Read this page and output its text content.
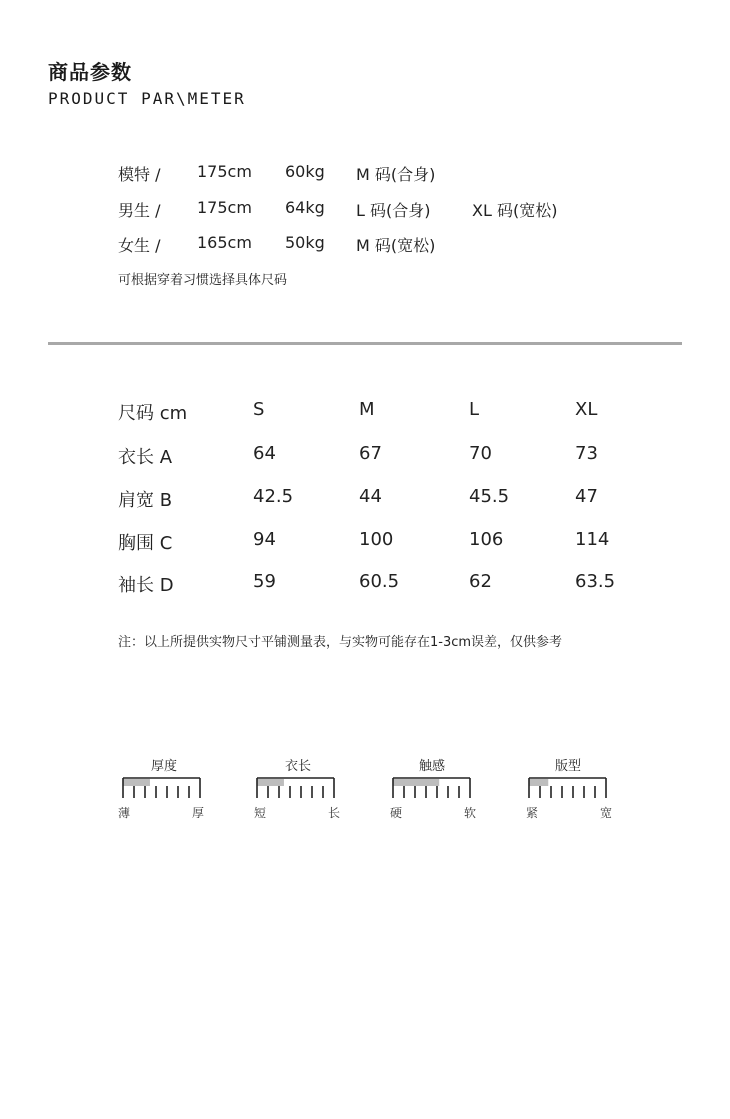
商品参数
PRODUCT PAR\METER
模特 / 175cm 60kg M 码(合身)
男生 / 175cm 64kg L 码(合身)	XL 码(宽松)
女生 / 165cm 50kg M 码(宽松)
可根据穿着习惯选择具体尺码
尺码 cm	S	M	L	XL
衣长 A	64	67	70	73
肩宽 B	42.5	44	45.5	47
胸围 C	94	100	106	114
袖长 D	59	60.5	62	63.5
注：以上所提供实物尺寸平铺测量表，与实物可能存在1-3cm误差，仅供参考
厚度
薄	厚
衣长
短	长
触感
硬	软
版型
紧	宽
